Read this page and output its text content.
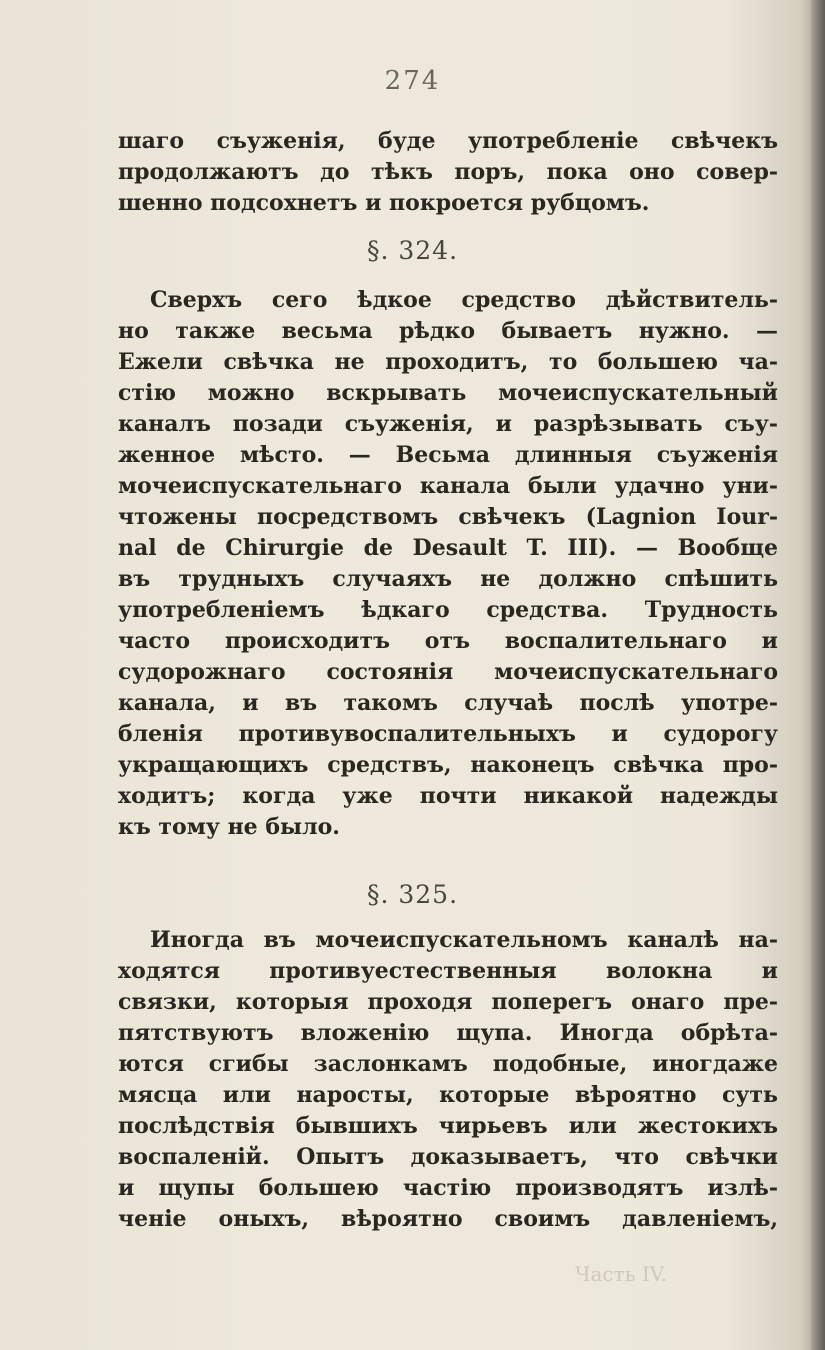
274
шаго съуженія, буде употребленіе свѣчекъ
продолжаютъ до тѣкъ поръ, пока оно совер-
шенно подсохнетъ и покроется рубцомъ.
§. 324.
Сверхъ сего ѣдкое средство дѣйствитель-
но также весьма рѣдко бываетъ нужно. —
Ежели свѣчка не проходитъ, то большею ча-
стію можно вскрывать мочеиспускательный
каналъ позади съуженія, и разрѣзывать съу-
женное мѣсто. — Весьма длинныя съуженія
мочеиспускательнаго канала были удачно уни-
чтожены посредствомъ свѣчекъ (Lagnion Iour-
nal de Chirurgie de Desault T. III). — Вообще
въ трудныхъ случаяхъ не должно спѣшить
употребленіемъ ѣдкаго средства. Трудность
часто происходитъ отъ воспалительнаго и
судорожнаго состоянія мочеиспускательнаго
канала, и въ такомъ случаѣ послѣ употре-
бленія противувоспалительныхъ и судорогу
укращающихъ средствъ, наконецъ свѣчка про-
ходитъ; когда уже почти никакой надежды
къ тому не было.
§. 325.
Иногда въ мочеиспускательномъ каналѣ на-
ходятся противуестественныя волокна и
связки, которыя проходя поперегъ онаго пре-
пятствуютъ вложенію щупа. Иногда обрѣта-
ются сгибы заслонкамъ подобные, иногдаже
мясца или наросты, которые вѣроятно суть
послѣдствія бывшихъ чирьевъ или жестокихъ
воспаленій. Опытъ доказываетъ, что свѣчки
и щупы большею частію производятъ излѣ-
ченіе оныхъ, вѣроятно своимъ давленіемъ,
Часть IV.
